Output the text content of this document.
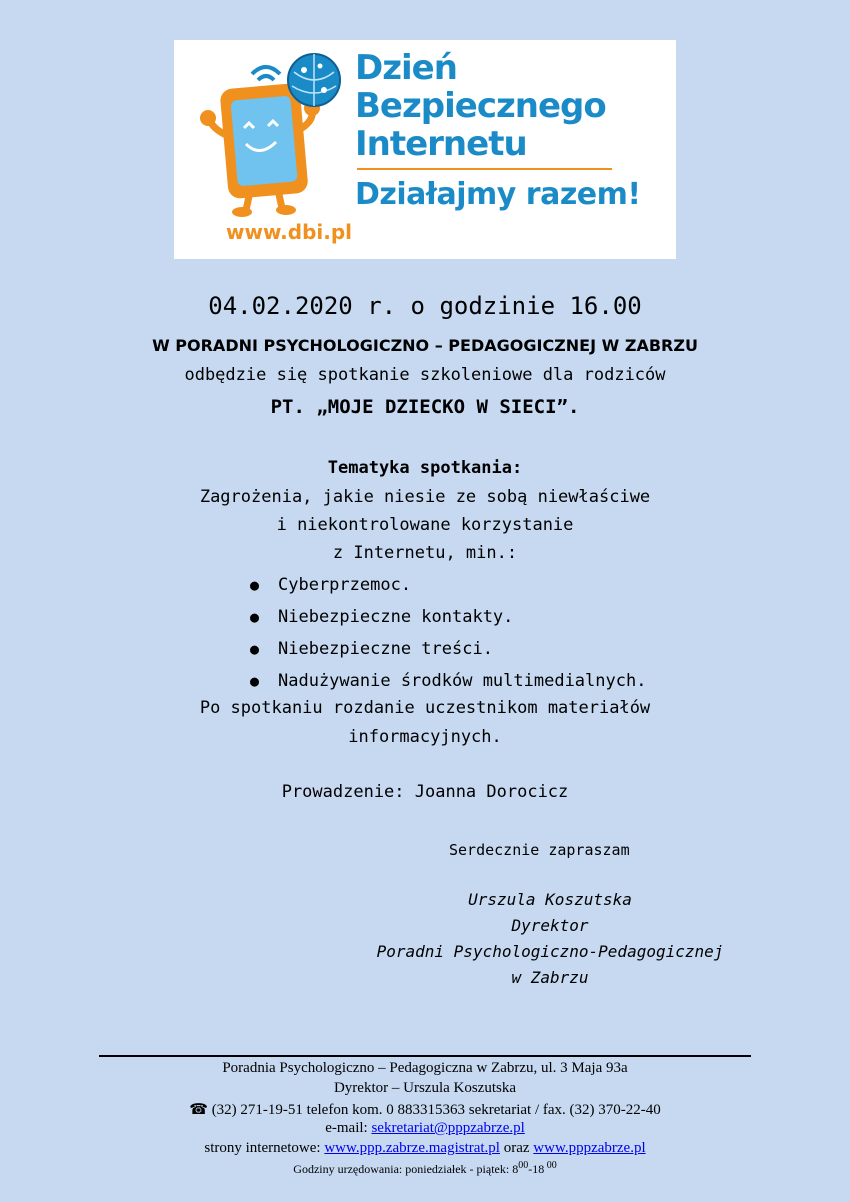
Dzień
Bezpiecznego
Internetu
Działajmy razem!
www.dbi.pl
04.02.2020 r. o godzinie 16.00
W PORADNI PSYCHOLOGICZNO – PEDAGOGICZNEJ W ZABRZU
odbędzie się spotkanie szkoleniowe dla rodziców
PT. „MOJE DZIECKO W SIECI”.
Tematyka spotkania:
Zagrożenia, jakie niesie ze sobą niewłaściwe
i niekontrolowane korzystanie
z Internetu, min.:
● Cyberprzemoc.
● Niebezpieczne kontakty.
● Niebezpieczne treści.
● Nadużywanie środków multimedialnych.
Po spotkaniu rozdanie uczestnikom materiałów
informacyjnych.
Prowadzenie: Joanna Dorocicz
Serdecznie zapraszam
Urszula Koszutska
Dyrektor
Poradni Psychologiczno-Pedagogicznej
w Zabrzu
Poradnia Psychologiczno – Pedagogiczna w Zabrzu, ul. 3 Maja 93a
Dyrektor – Urszula Koszutska
☎ (32) 271-19-51 telefon kom. 0 883315363 sekretariat / fax. (32) 370-22-40
e-mail: sekretariat@pppzabrze.pl
strony internetowe: www.ppp.zabrze.magistrat.pl oraz www.pppzabrze.pl
Godziny urzędowania: poniedziałek - piątek: $8^{00}-18$ $^{00}$
